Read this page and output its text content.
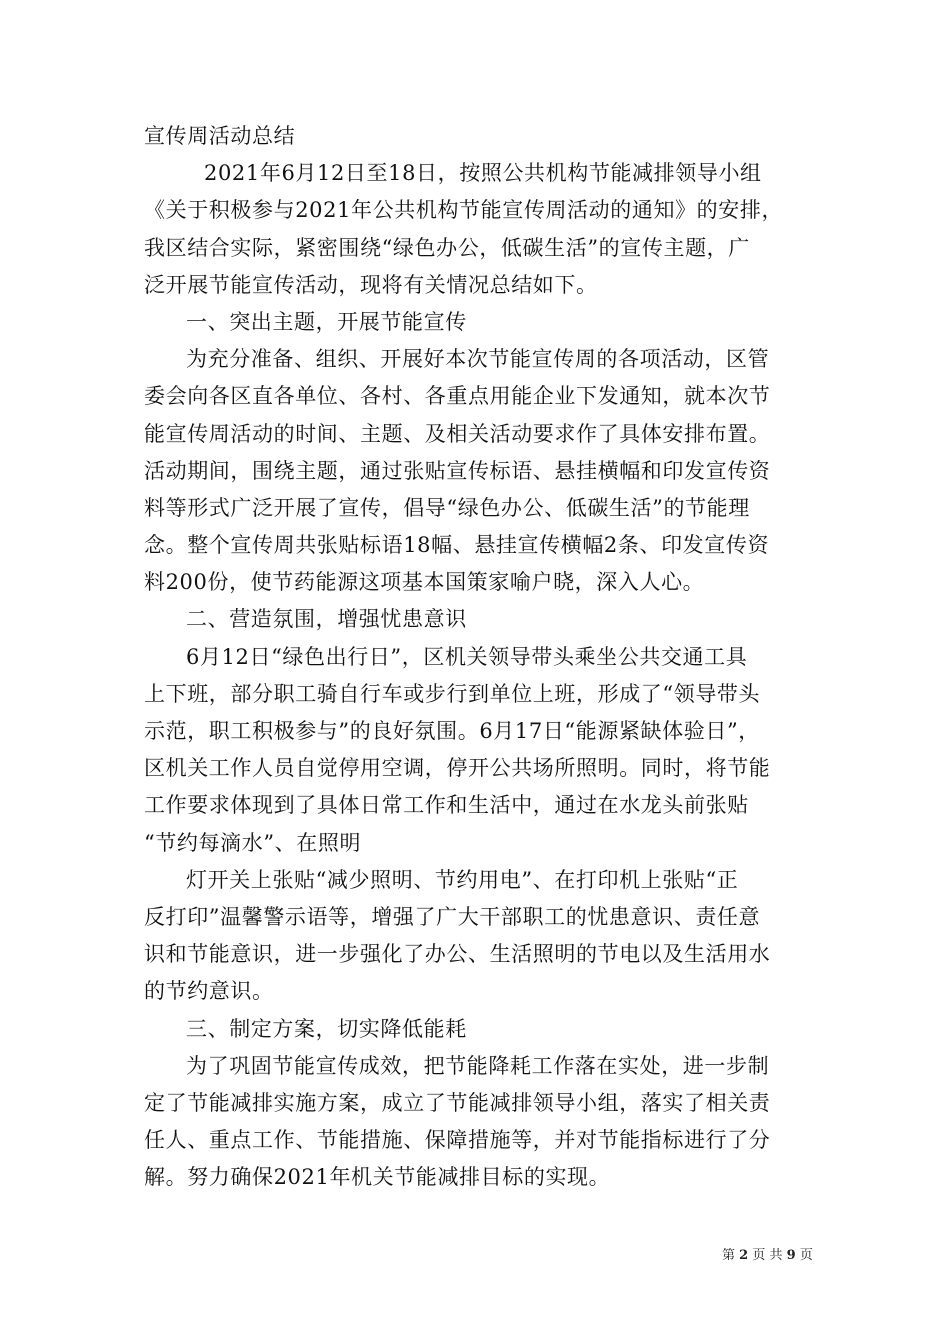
宣传周活动总结
2021年6月12日至18日，按照公共机构节能减排领导小组
《关于积极参与2021年公共机构节能宣传周活动的通知》的安排，
我区结合实际，紧密围绕“绿色办公，低碳生活”的宣传主题，广
泛开展节能宣传活动，现将有关情况总结如下。
一、突出主题，开展节能宣传
为充分准备、组织、开展好本次节能宣传周的各项活动，区管
委会向各区直各单位、各村、各重点用能企业下发通知，就本次节
能宣传周活动的时间、主题、及相关活动要求作了具体安排布置。
活动期间，围绕主题，通过张贴宣传标语、悬挂横幅和印发宣传资
料等形式广泛开展了宣传，倡导“绿色办公、低碳生活”的节能理
念。整个宣传周共张贴标语18幅、悬挂宣传横幅2条、印发宣传资
料200份，使节药能源这项基本国策家喻户晓，深入人心。
二、营造氛围，增强忧患意识
6月12日“绿色出行日”，区机关领导带头乘坐公共交通工具
上下班，部分职工骑自行车或步行到单位上班，形成了“领导带头
示范，职工积极参与”的良好氛围。6月17日“能源紧缺体验日”，
区机关工作人员自觉停用空调，停开公共场所照明。同时，将节能
工作要求体现到了具体日常工作和生活中，通过在水龙头前张贴
“节约每滴水”、在照明
灯开关上张贴“减少照明、节约用电”、在打印机上张贴“正
反打印”温馨警示语等，增强了广大干部职工的忧患意识、责任意
识和节能意识，进一步强化了办公、生活照明的节电以及生活用水
的节约意识。
三、制定方案，切实降低能耗
为了巩固节能宣传成效，把节能降耗工作落在实处，进一步制
定了节能减排实施方案，成立了节能减排领导小组，落实了相关责
任人、重点工作、节能措施、保障措施等，并对节能指标进行了分
解。努力确保2021年机关节能减排目标的实现。
第 2 页 共 9 页
